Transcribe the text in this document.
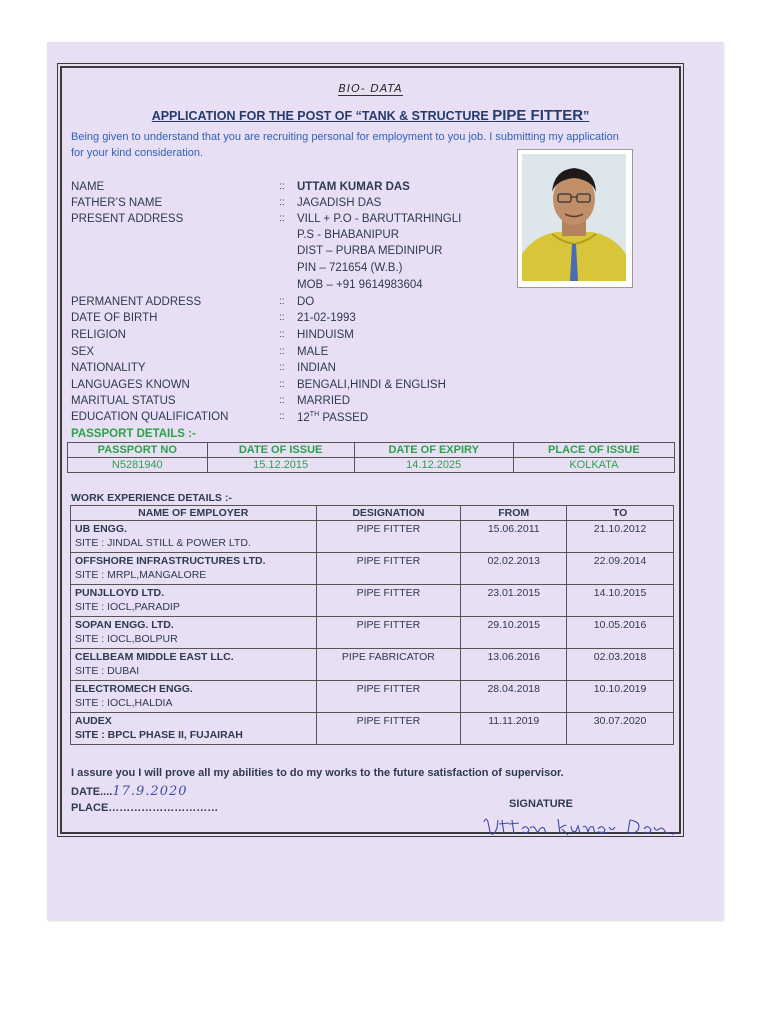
BIO- DATA
APPLICATION FOR THE POST OF “TANK & STRUCTURE PIPE FITTER”
Being given to understand that you are recruiting personal for employment to you job. I submitting my application for your kind consideration.
NAME	:: UTTAM KUMAR DAS
FATHER’S NAME	:: JAGADISH DAS
PRESENT ADDRESS	:: VILL + P.O - BARUTTARHINGLI
P.S - BHABANIPUR
DIST – PURBA MEDINIPUR
PIN – 721654 (W.B.)
MOB – +91 9614983604
PERMANENT ADDRESS	:: DO
DATE OF BIRTH	:: 21-02-1993
RELIGION	:: HINDUISM
SEX	:: MALE
NATIONALITY	:: INDIAN
LANGUAGES KNOWN	:: BENGALI,HINDI & ENGLISH
MARITUAL STATUS	:: MARRIED
EDUCATION QUALIFICATION	:: 12TH PASSED
PASSPORT DETAILS :-
PASSPORT NO	DATE OF ISSUE	DATE OF EXPIRY	PLACE OF ISSUE
N5281940	15.12.2015	14.12.2025	KOLKATA
WORK EXPERIENCE DETAILS :-
NAME OF EMPLOYER	DESIGNATION	FROM	TO

UB ENGG.
SITE : JINDAL STILL & POWER LTD.	PIPE FITTER	15.06.2011	21.10.2012

OFFSHORE INFRASTRUCTURES LTD.
SITE : MRPL,MANGALORE	PIPE FITTER	02.02.2013	22.09.2014

PUNJLLOYD LTD.
SITE : IOCL,PARADIP	PIPE FITTER	23.01.2015	14.10.2015

SOPAN ENGG. LTD.
SITE : IOCL,BOLPUR	PIPE FITTER	29.10.2015	10.05.2016

CELLBEAM MIDDLE EAST LLC.
SITE : DUBAI	PIPE FABRICATOR	13.06.2016	02.03.2018

ELECTROMECH ENGG.
SITE : IOCL,HALDIA	PIPE FITTER	28.04.2018	10.10.2019

AUDEX
SITE : BPCL PHASE II, FUJAIRAH	PIPE FITTER	11.11.2019	30.07.2020
I assure you I will prove all my abilities to do my works to the future satisfaction of supervisor.
DATE....17.9.2020
PLACE…………………………	SIGNATURE
